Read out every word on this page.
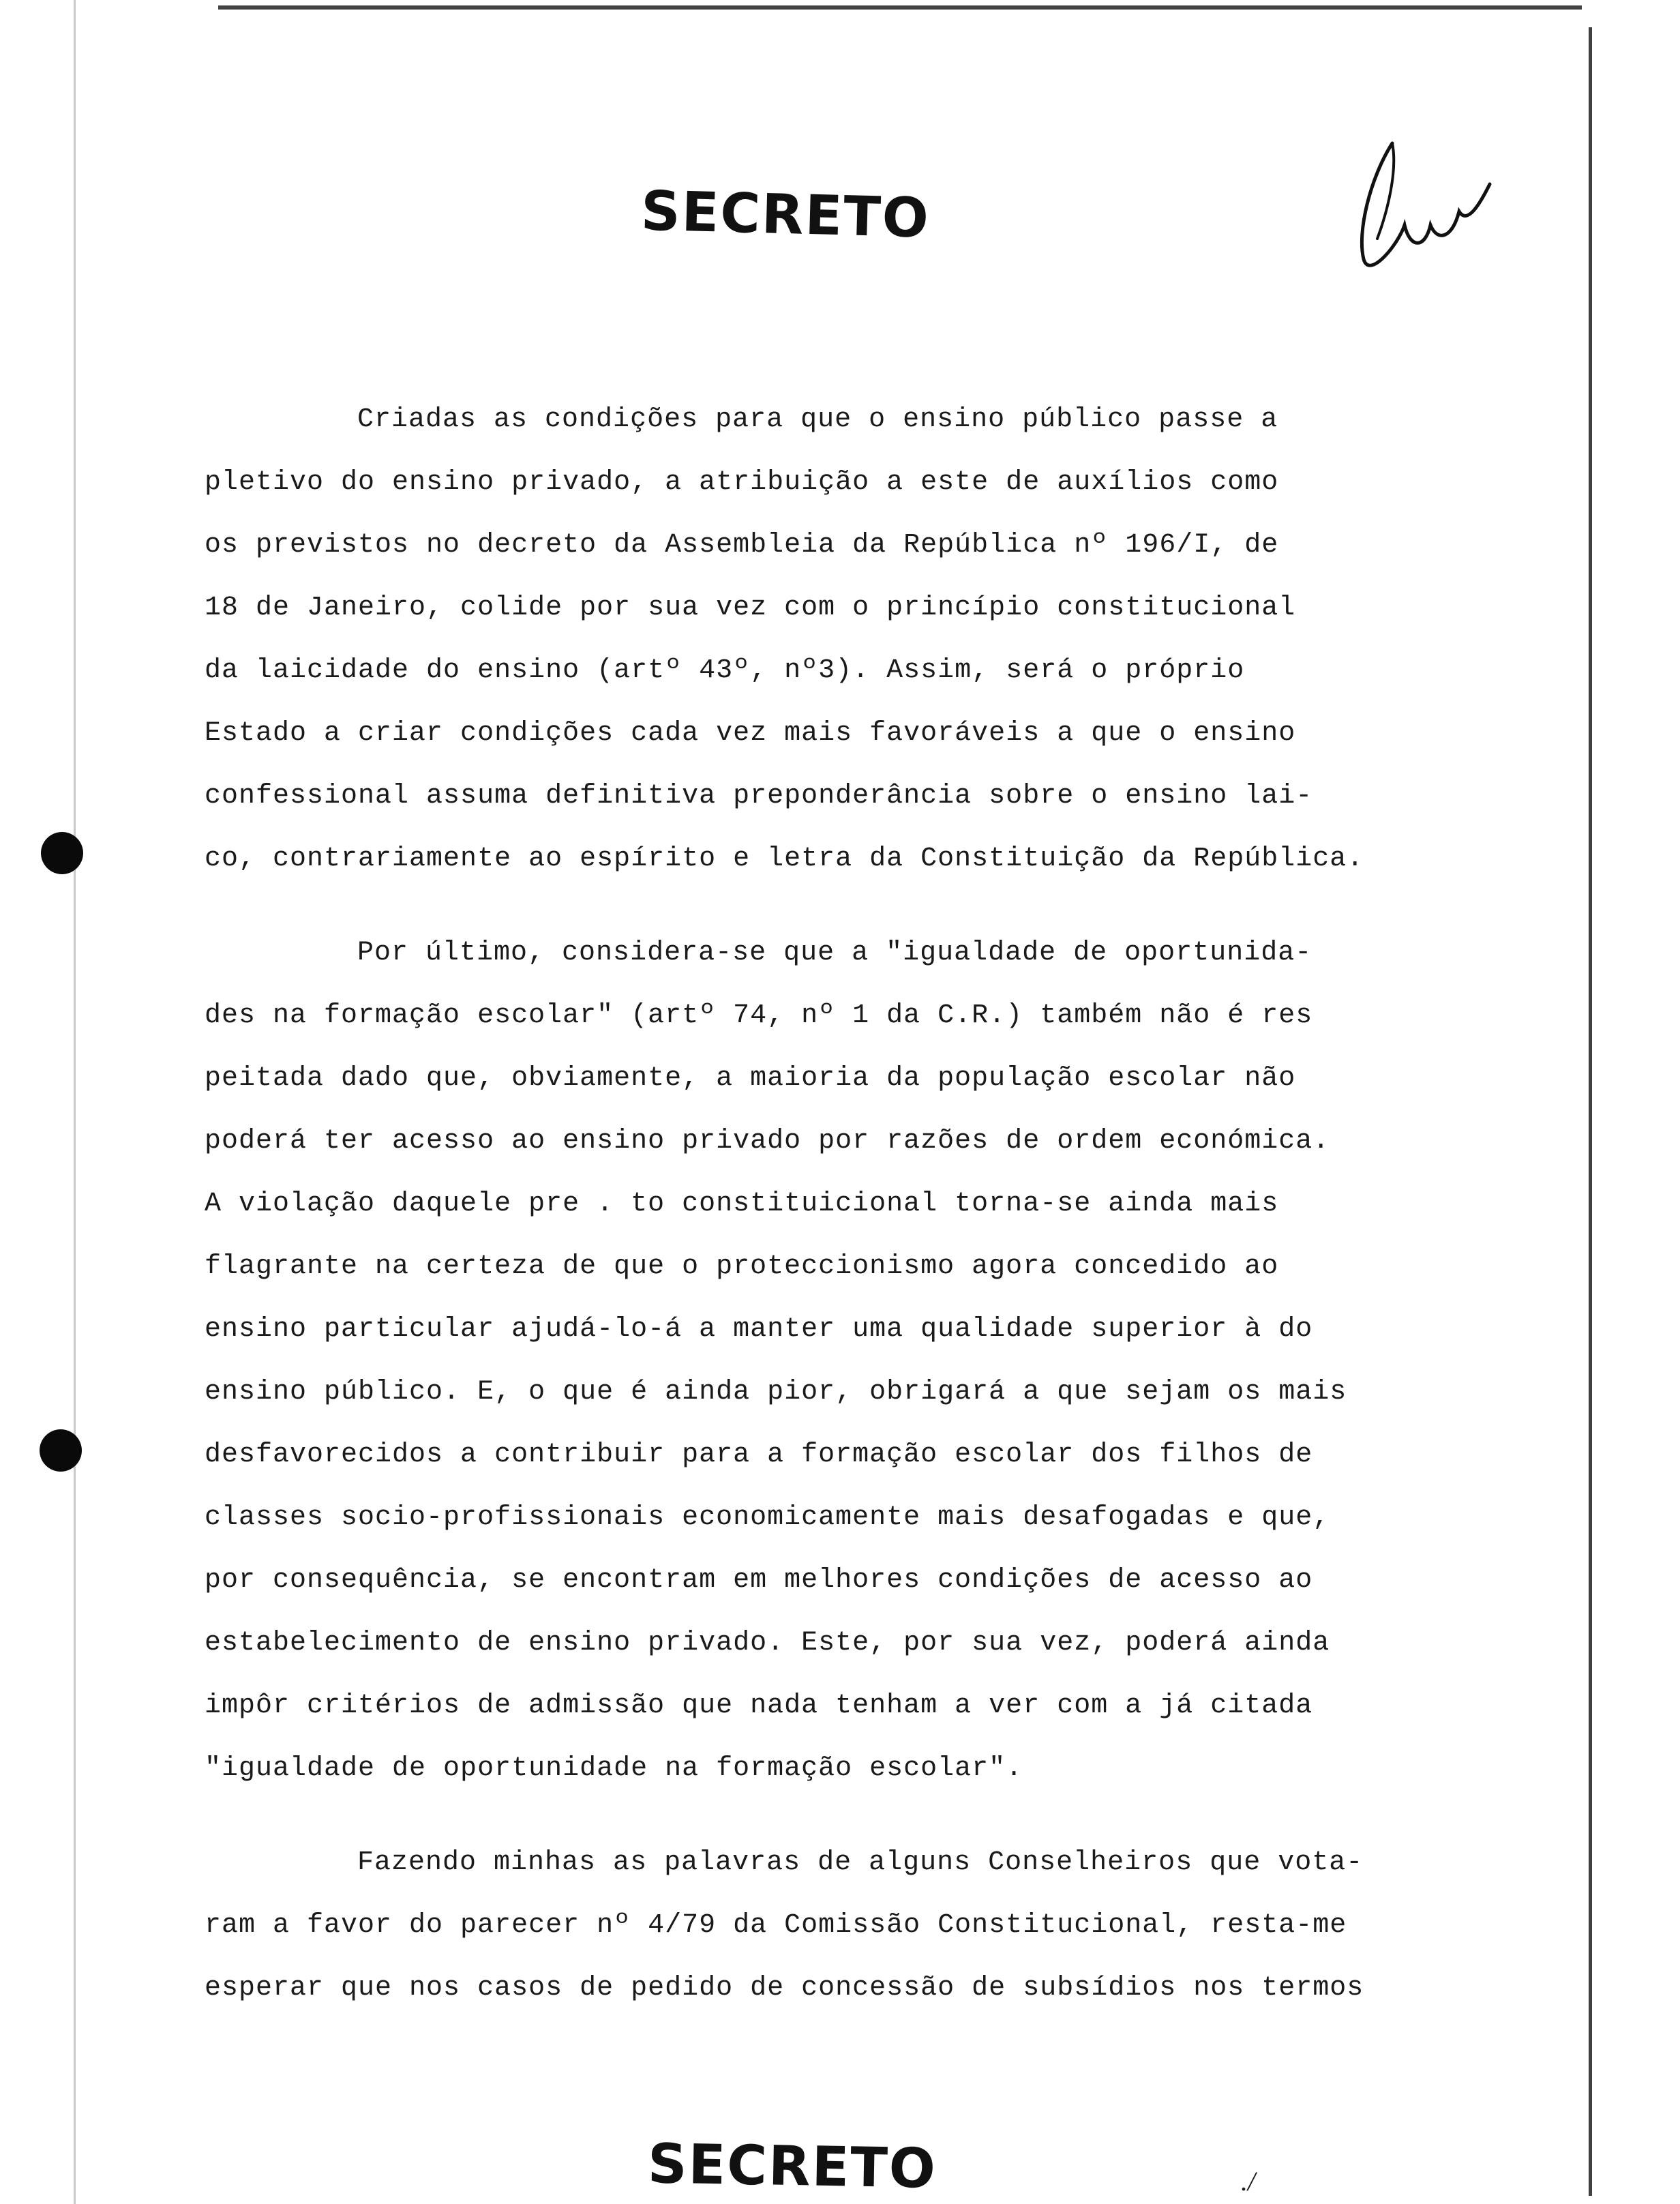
SECRETO

Criadas as condições para que o ensino público passe a

pletivo do ensino privado, a atribuição a este de auxílios como

os previstos no decreto da Assembleia da República nº 196/I, de

18 de Janeiro, colide por sua vez com o princípio constitucional

da laicidade do ensino (artº 43º, nº3). Assim, será o próprio

Estado a criar condições cada vez mais favoráveis a que o ensino

confessional assuma definitiva preponderância sobre o ensino lai-

co, contrariamente ao espírito e letra da Constituição da República.

Por último, considera-se que a "igualdade de oportunida-

des na formação escolar" (artº 74, nº 1 da C.R.) também não é res

peitada dado que, obviamente, a maioria da população escolar não

poderá ter acesso ao ensino privado por razões de ordem económica.

A violação daquele pre . to constituicional torna-se ainda mais

flagrante na certeza de que o proteccionismo agora concedido ao

ensino particular ajudá-lo-á a manter uma qualidade superior à do

ensino público. E, o que é ainda pior, obrigará a que sejam os mais

desfavorecidos a contribuir para a formação escolar dos filhos de

classes socio-profissionais economicamente mais desafogadas e que,

por consequência, se encontram em melhores condições de acesso ao

estabelecimento de ensino privado. Este, por sua vez, poderá ainda

impôr critérios de admissão que nada tenham a ver com a já citada

"igualdade de oportunidade na formação escolar".

Fazendo minhas as palavras de alguns Conselheiros que vota-

ram a favor do parecer nº 4/79 da Comissão Constitucional, resta-me

esperar que nos casos de pedido de concessão de subsídios nos termos

SECRETO	./
